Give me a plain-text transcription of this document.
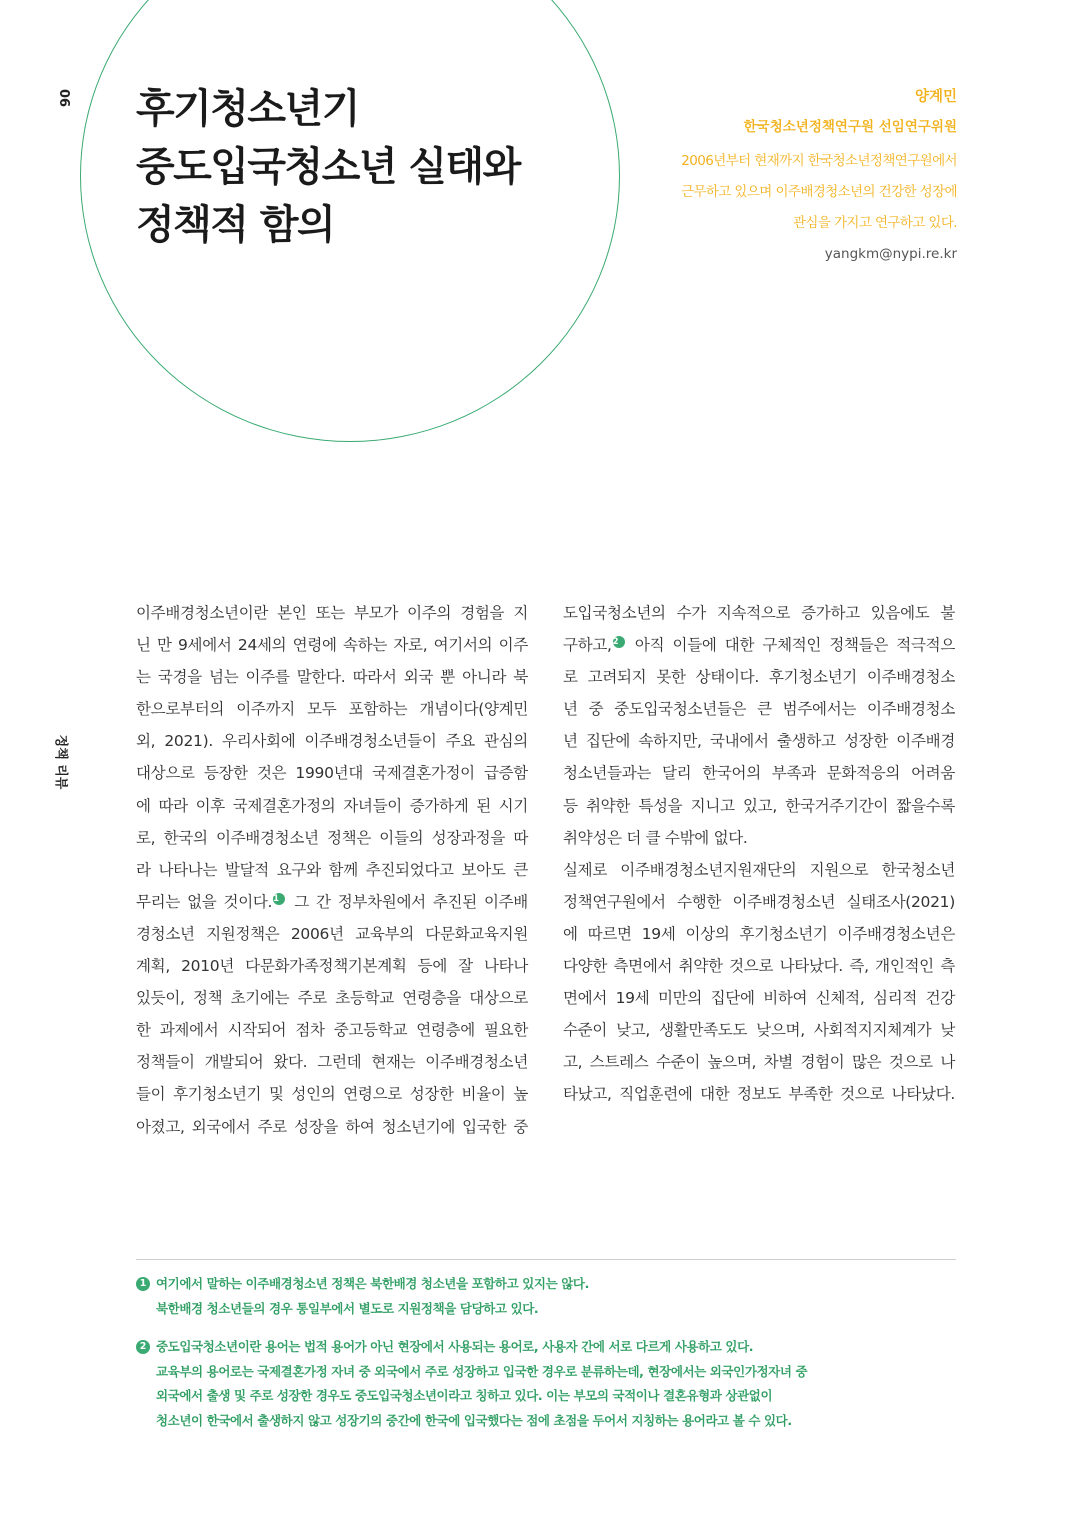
06
정책 리뷰
후기청소년기
중도입국청소년 실태와
정책적 함의
양계민
한국청소년정책연구원 선임연구위원
2006년부터 현재까지 한국청소년정책연구원에서
근무하고 있으며 이주배경청소년의 건강한 성장에
관심을 가지고 연구하고 있다.
yangkm@nypi.re.kr

이주배경청소년이란 본인 또는 부모가 이주의 경험을 지
닌 만 9세에서 24세의 연령에 속하는 자로, 여기서의 이주
는 국경을 넘는 이주를 말한다. 따라서 외국 뿐 아니라 북
한으로부터의 이주까지 모두 포함하는 개념이다(양계민
외, 2021). 우리사회에 이주배경청소년들이 주요 관심의
대상으로 등장한 것은 1990년대 국제결혼가정이 급증함
에 따라 이후 국제결혼가정의 자녀들이 증가하게 된 시기
로, 한국의 이주배경청소년 정책은 이들의 성장과정을 따
라 나타나는 발달적 요구와 함께 추진되었다고 보아도 큰
무리는 없을 것이다.1 그 간 정부차원에서 추진된 이주배
경청소년 지원정책은 2006년 교육부의 다문화교육지원
계획, 2010년 다문화가족정책기본계획 등에 잘 나타나
있듯이, 정책 초기에는 주로 초등학교 연령층을 대상으로
한 과제에서 시작되어 점차 중고등학교 연령층에 필요한
정책들이 개발되어 왔다. 그런데 현재는 이주배경청소년
들이 후기청소년기 및 성인의 연령으로 성장한 비율이 높
아졌고, 외국에서 주로 성장을 하여 청소년기에 입국한 중

도입국청소년의 수가 지속적으로 증가하고 있음에도 불
구하고,2 아직 이들에 대한 구체적인 정책들은 적극적으
로 고려되지 못한 상태이다. 후기청소년기 이주배경청소
년 중 중도입국청소년들은 큰 범주에서는 이주배경청소
년 집단에 속하지만, 국내에서 출생하고 성장한 이주배경
청소년들과는 달리 한국어의 부족과 문화적응의 어려움
등 취약한 특성을 지니고 있고, 한국거주기간이 짧을수록
취약성은 더 클 수밖에 없다.

실제로 이주배경청소년지원재단의 지원으로 한국청소년
정책연구원에서 수행한 이주배경청소년 실태조사(2021)
에 따르면 19세 이상의 후기청소년기 이주배경청소년은
다양한 측면에서 취약한 것으로 나타났다. 즉, 개인적인 측
면에서 19세 미만의 집단에 비하여 신체적, 심리적 건강
수준이 낮고, 생활만족도도 낮으며, 사회적지지체계가 낮
고, 스트레스 수준이 높으며, 차별 경험이 많은 것으로 나
타났고, 직업훈련에 대한 정보도 부족한 것으로 나타났다.

1 여기에서 말하는 이주배경청소년 정책은 북한배경 청소년을 포함하고 있지는 않다.
북한배경 청소년들의 경우 통일부에서 별도로 지원정책을 담당하고 있다.
2 중도입국청소년이란 용어는 법적 용어가 아닌 현장에서 사용되는 용어로, 사용자 간에 서로 다르게 사용하고 있다.
교육부의 용어로는 국제결혼가정 자녀 중 외국에서 주로 성장하고 입국한 경우로 분류하는데, 현장에서는 외국인가정자녀 중
외국에서 출생 및 주로 성장한 경우도 중도입국청소년이라고 칭하고 있다. 이는 부모의 국적이나 결혼유형과 상관없이
청소년이 한국에서 출생하지 않고 성장기의 중간에 한국에 입국했다는 점에 초점을 두어서 지칭하는 용어라고 볼 수 있다.
